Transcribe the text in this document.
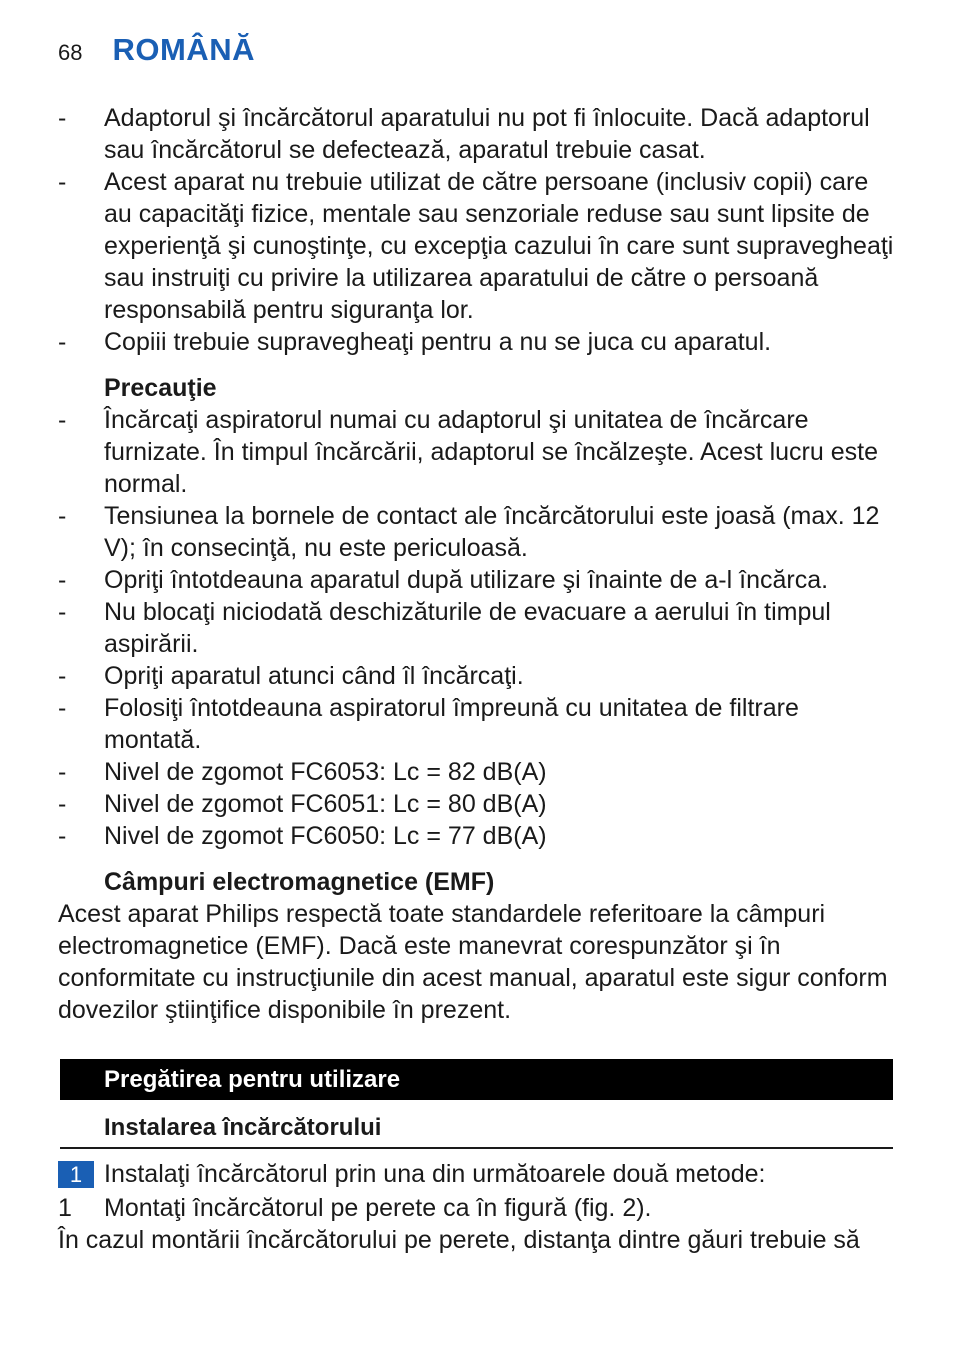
68 ROMÂNĂ
-	Adaptorul şi încărcătorul aparatului nu pot fi înlocuite. Dacă adaptorul sau încărcătorul se defectează, aparatul trebuie casat.
-	Acest aparat nu trebuie utilizat de către persoane (inclusiv copii) care au capacităţi fizice, mentale sau senzoriale reduse sau sunt lipsite de experienţă şi cunoştinţe, cu excepţia cazului în care sunt supravegheaţi sau instruiţi cu privire la utilizarea aparatului de către o persoană responsabilă pentru siguranţa lor.
-	Copiii trebuie supravegheaţi pentru a nu se juca cu aparatul.
Precauţie
-	Încărcaţi aspiratorul numai cu adaptorul şi unitatea de încărcare furnizate. În timpul încărcării, adaptorul se încălzeşte. Acest lucru este normal.
-	Tensiunea la bornele de contact ale încărcătorului este joasă (max. 12 V); în consecinţă, nu este periculoasă.
-	Opriţi întotdeauna aparatul după utilizare şi înainte de a-l încărca.
-	Nu blocaţi niciodată deschizăturile de evacuare a aerului în timpul aspirării.
-	Opriţi aparatul atunci când îl încărcaţi.
-	Folosiţi întotdeauna aspiratorul împreună cu unitatea de filtrare montată.
-	Nivel de zgomot FC6053: Lc = 82 dB(A)
-	Nivel de zgomot FC6051: Lc = 80 dB(A)
-	Nivel de zgomot FC6050: Lc = 77 dB(A)
Câmpuri electromagnetice (EMF)
Acest aparat Philips respectă toate standardele referitoare la câmpuri electromagnetice (EMF). Dacă este manevrat corespunzător şi în conformitate cu instrucţiunile din acest manual, aparatul este sigur conform dovezilor ştiinţifice disponibile în prezent.
Pregătirea pentru utilizare
Instalarea încărcătorului
1 Instalaţi încărcătorul prin una din următoarele două metode:
1	Montaţi încărcătorul pe perete ca în figură (fig. 2).
În cazul montării încărcătorului pe perete, distanţa dintre găuri trebuie să
